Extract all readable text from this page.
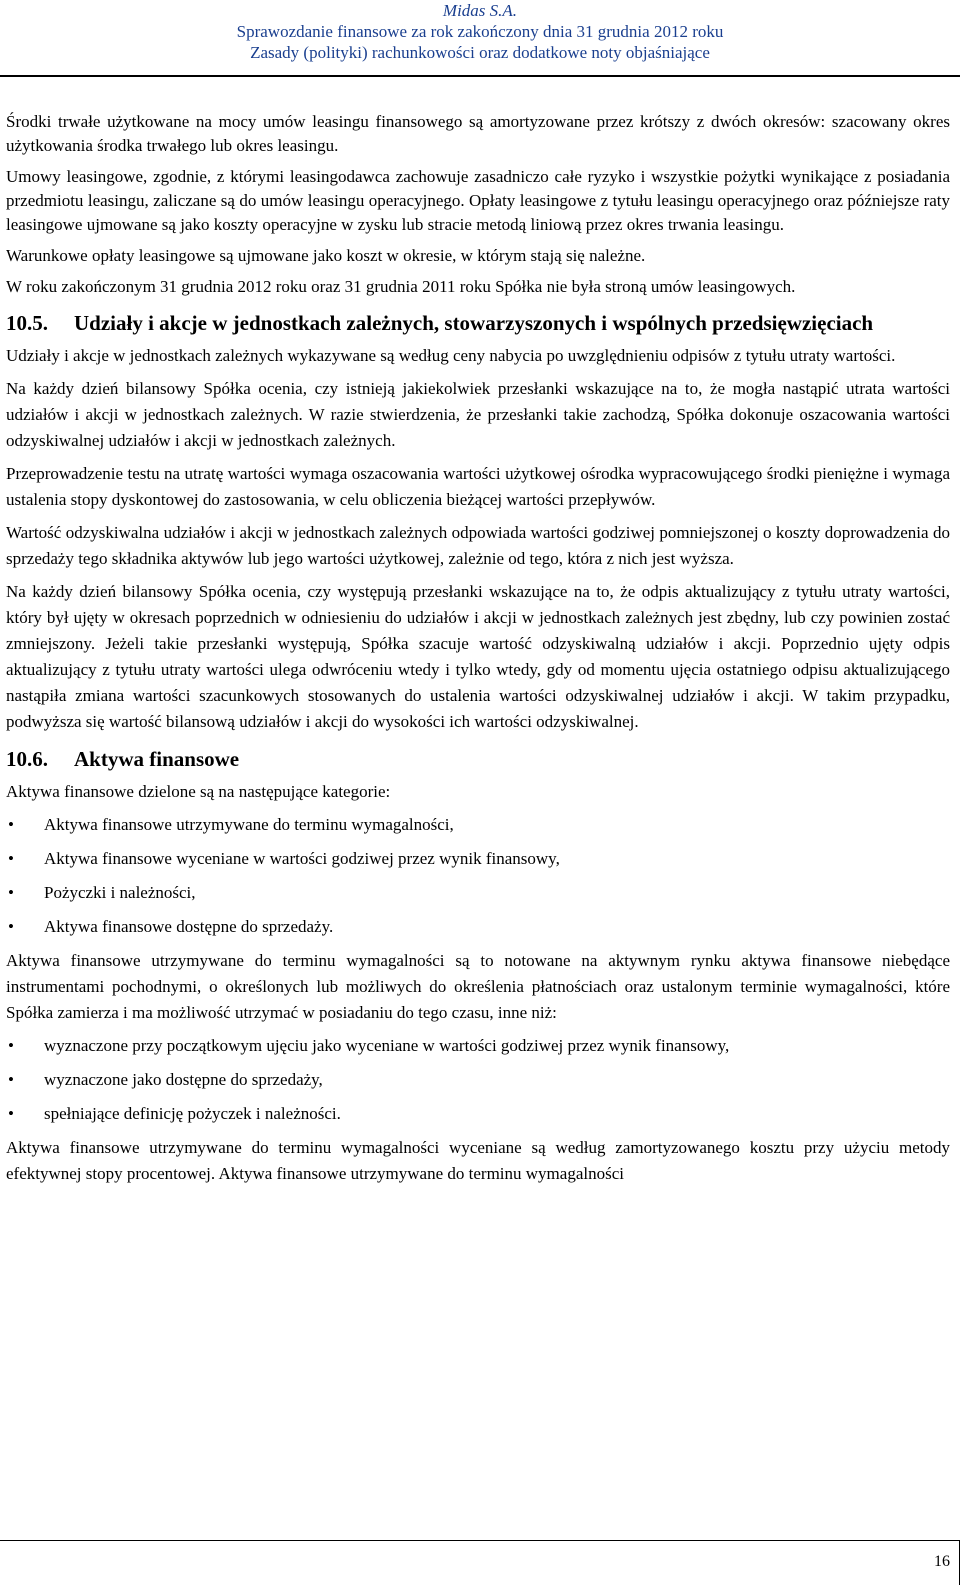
Midas S.A.
Sprawozdanie finansowe za rok zakończony dnia 31 grudnia 2012 roku
Zasady (polityki) rachunkowości oraz dodatkowe noty objaśniające

Środki trwałe użytkowane na mocy umów leasingu finansowego są amortyzowane przez krótszy z dwóch okresów: szacowany okres użytkowania środka trwałego lub okres leasingu.

Umowy leasingowe, zgodnie, z którymi leasingodawca zachowuje zasadniczo całe ryzyko i wszystkie pożytki wynikające z posiadania przedmiotu leasingu, zaliczane są do umów leasingu operacyjnego. Opłaty leasingowe z tytułu leasingu operacyjnego oraz późniejsze raty leasingowe ujmowane są jako koszty operacyjne w zysku lub stracie metodą liniową przez okres trwania leasingu.

Warunkowe opłaty leasingowe są ujmowane jako koszt w okresie, w którym stają się należne.

W roku zakończonym 31 grudnia 2012 roku oraz 31 grudnia 2011 roku Spółka nie była stroną umów leasingowych.

10.5.	Udziały i akcje w jednostkach zależnych, stowarzyszonych i wspólnych przedsięwzięciach

Udziały i akcje w jednostkach zależnych wykazywane są według ceny nabycia po uwzględnieniu odpisów z tytułu utraty wartości.

Na każdy dzień bilansowy Spółka ocenia, czy istnieją jakiekolwiek przesłanki wskazujące na to, że mogła nastąpić utrata wartości udziałów i akcji w jednostkach zależnych. W razie stwierdzenia, że przesłanki takie zachodzą, Spółka dokonuje oszacowania wartości odzyskiwalnej udziałów i akcji w jednostkach zależnych.

Przeprowadzenie testu na utratę wartości wymaga oszacowania wartości użytkowej ośrodka wypracowującego środki pieniężne i wymaga ustalenia stopy dyskontowej do zastosowania, w celu obliczenia bieżącej wartości przepływów.

Wartość odzyskiwalna udziałów i akcji w jednostkach zależnych odpowiada wartości godziwej pomniejszonej o koszty doprowadzenia do sprzedaży tego składnika aktywów lub jego wartości użytkowej, zależnie od tego, która z nich jest wyższa.

Na każdy dzień bilansowy Spółka ocenia, czy występują przesłanki wskazujące na to, że odpis aktualizujący z tytułu utraty wartości, który był ujęty w okresach poprzednich w odniesieniu do udziałów i akcji w jednostkach zależnych jest zbędny, lub czy powinien zostać zmniejszony. Jeżeli takie przesłanki występują, Spółka szacuje wartość odzyskiwalną udziałów i akcji. Poprzednio ujęty odpis aktualizujący z tytułu utraty wartości ulega odwróceniu wtedy i tylko wtedy, gdy od momentu ujęcia ostatniego odpisu aktualizującego nastąpiła zmiana wartości szacunkowych stosowanych do ustalenia wartości odzyskiwalnej udziałów i akcji. W takim przypadku, podwyższa się wartość bilansową udziałów i akcji do wysokości ich wartości odzyskiwalnej.

10.6.	Aktywa finansowe

Aktywa finansowe dzielone są na następujące kategorie:

•	Aktywa finansowe utrzymywane do terminu wymagalności,
•	Aktywa finansowe wyceniane w wartości godziwej przez wynik finansowy,
•	Pożyczki i należności,
•	Aktywa finansowe dostępne do sprzedaży.

Aktywa finansowe utrzymywane do terminu wymagalności są to notowane na aktywnym rynku aktywa finansowe niebędące instrumentami pochodnymi, o określonych lub możliwych do określenia płatnościach oraz ustalonym terminie wymagalności, które Spółka zamierza i ma możliwość utrzymać w posiadaniu do tego czasu, inne niż:

•	wyznaczone przy początkowym ujęciu jako wyceniane w wartości godziwej przez wynik finansowy,
•	wyznaczone jako dostępne do sprzedaży,
•	spełniające definicję pożyczek i należności.

Aktywa finansowe utrzymywane do terminu wymagalności wyceniane są według zamortyzowanego kosztu przy użyciu metody efektywnej stopy procentowej. Aktywa finansowe utrzymywane do terminu wymagalności

16
